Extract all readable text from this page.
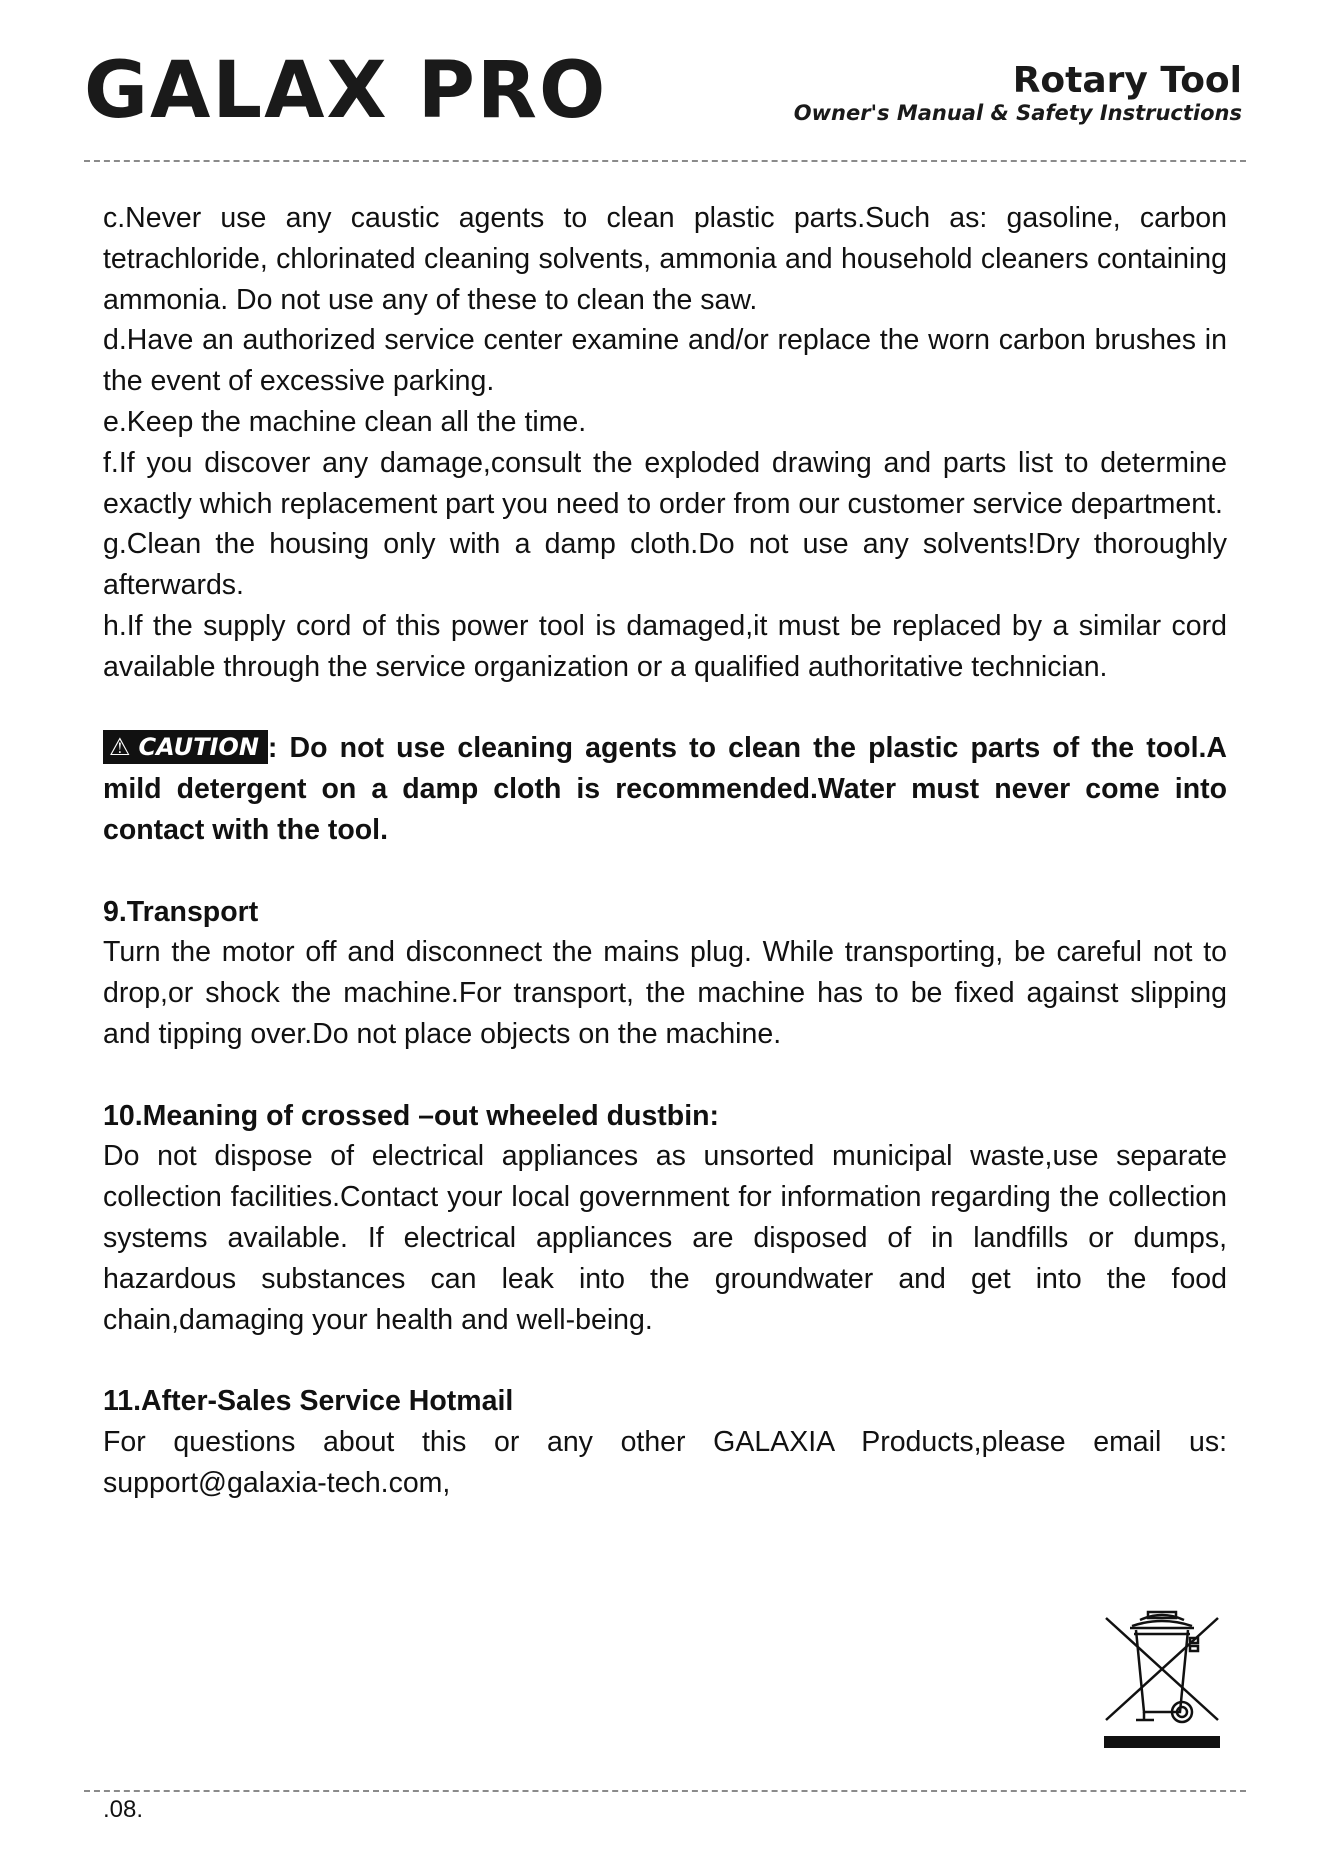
GALAX PRO	Rotary Tool
Owner's Manual & Safety Instructions

c.Never use any caustic agents to clean plastic parts.Such as: gasoline, carbon tetrachloride, chlorinated cleaning solvents, ammonia and household cleaners containing ammonia. Do not use any of these to clean the saw.

d.Have an authorized service center examine and/or replace the worn carbon brushes in the event of excessive parking.

e.Keep the machine clean all the time.

f.If you discover any damage,consult the exploded drawing and parts list to determine exactly which replacement part you need to order from our customer service department.

g.Clean the housing only with a damp cloth.Do not use any solvents!Dry thoroughly afterwards.

h.If the supply cord of this power tool is damaged,it must be replaced by a similar cord available through the service organization or a qualified authoritative technician.

⚠ CAUTION : Do not use cleaning agents to clean the plastic parts of the tool.A mild detergent on a damp cloth is recommended.Water must never come into contact with the tool.

9.Transport

Turn the motor off and disconnect the mains plug. While transporting, be careful not to drop,or shock the machine.For transport, the machine has to be fixed against slipping and tipping over.Do not place objects on the machine.

10.Meaning of crossed –out wheeled dustbin:

Do not dispose of electrical appliances as unsorted municipal waste,use separate collection facilities.Contact your local government for information regarding the collection systems available. If electrical appliances are disposed of in landfills or dumps, hazardous substances can leak into the groundwater and get into the food chain,damaging your health and well-being.

11.After-Sales Service Hotmail

For questions about this or any other GALAXIA Products,please email us: support@galaxia-tech.com,

.08.
